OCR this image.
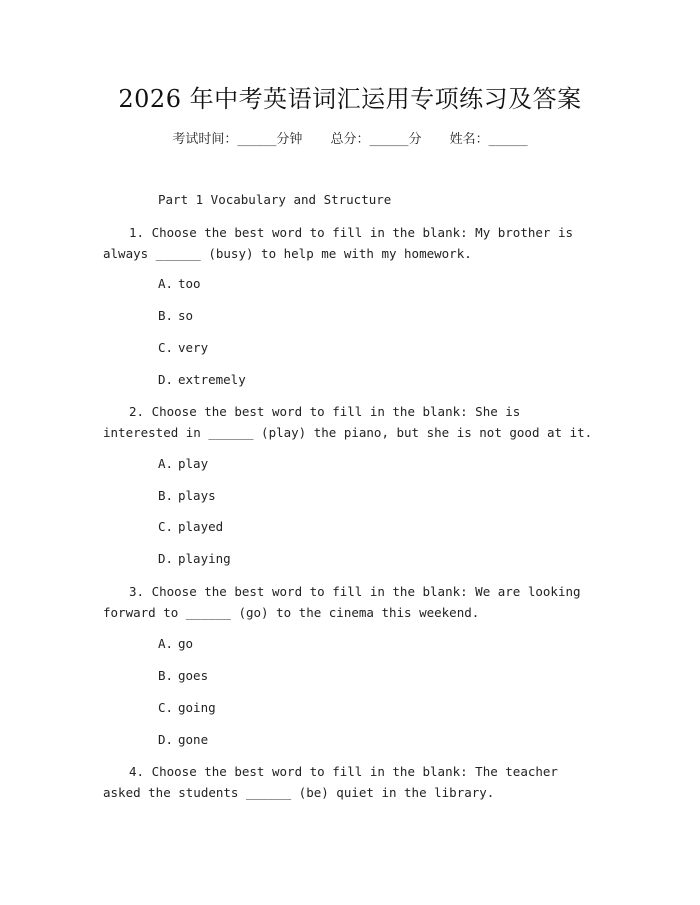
2026 年中考英语词汇运用专项练习及答案
考试时间：______分钟 总分：______分 姓名：______
Part 1 Vocabulary and Structure
1. Choose the best word to fill in the blank: My brother is always ______ (busy) to help me with my homework.
A. too
B. so
C. very
D. extremely
2. Choose the best word to fill in the blank: She is interested in ______ (play) the piano, but she is not good at it.
A. play
B. plays
C. played
D. playing
3. Choose the best word to fill in the blank: We are looking forward to ______ (go) to the cinema this weekend.
A. go
B. goes
C. going
D. gone
4. Choose the best word to fill in the blank: The teacher asked the students ______ (be) quiet in the library.
